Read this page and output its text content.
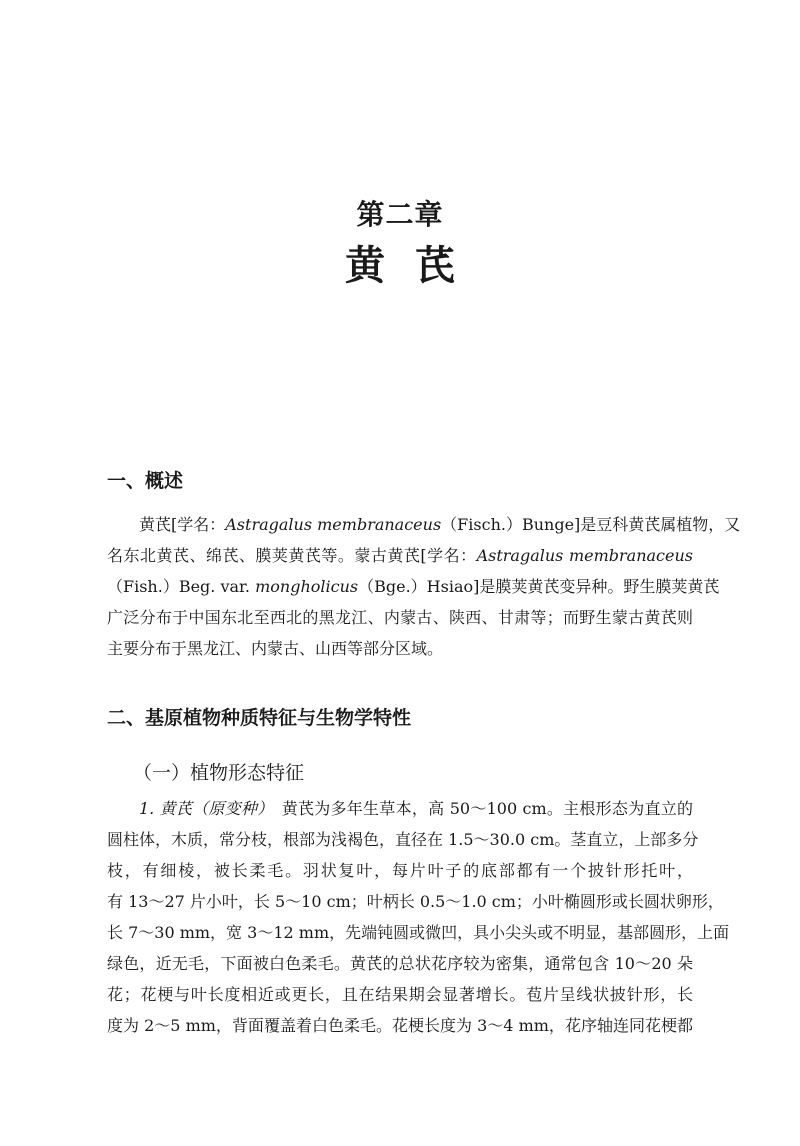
第二章
黄 芪
一、概述
黄芪[学名：Astragalus membranaceus（Fisch.）Bunge]是豆科黄芪属植物，又
名东北黄芪、绵芪、膜荚黄芪等。蒙古黄芪[学名：Astragalus membranaceus
（Fish.）Beg. var. mongholicus（Bge.）Hsiao]是膜荚黄芪变异种。野生膜荚黄芪
广泛分布于中国东北至西北的黑龙江、内蒙古、陕西、甘肃等；而野生蒙古黄芪则
主要分布于黑龙江、内蒙古、山西等部分区域。
二、基原植物种质特征与生物学特性
（一）植物形态特征
1. 黄芪（原变种）　黄芪为多年生草本，高 50～100 cm。主根形态为直立的
圆柱体，木质，常分枝，根部为浅褐色，直径在 1.5～30.0 cm。茎直立，上部多分
枝，有细棱，被长柔毛。羽状复叶，每片叶子的底部都有一个披针形托叶，
有 13～27 片小叶，长 5～10 cm；叶柄长 0.5～1.0 cm；小叶椭圆形或长圆状卵形，
长 7～30 mm，宽 3～12 mm，先端钝圆或微凹，具小尖头或不明显，基部圆形，上面
绿色，近无毛，下面被白色柔毛。黄芪的总状花序较为密集，通常包含 10～20 朵
花；花梗与叶长度相近或更长，且在结果期会显著增长。苞片呈线状披针形，长
度为 2～5 mm，背面覆盖着白色柔毛。花梗长度为 3～4 mm，花序轴连同花梗都
